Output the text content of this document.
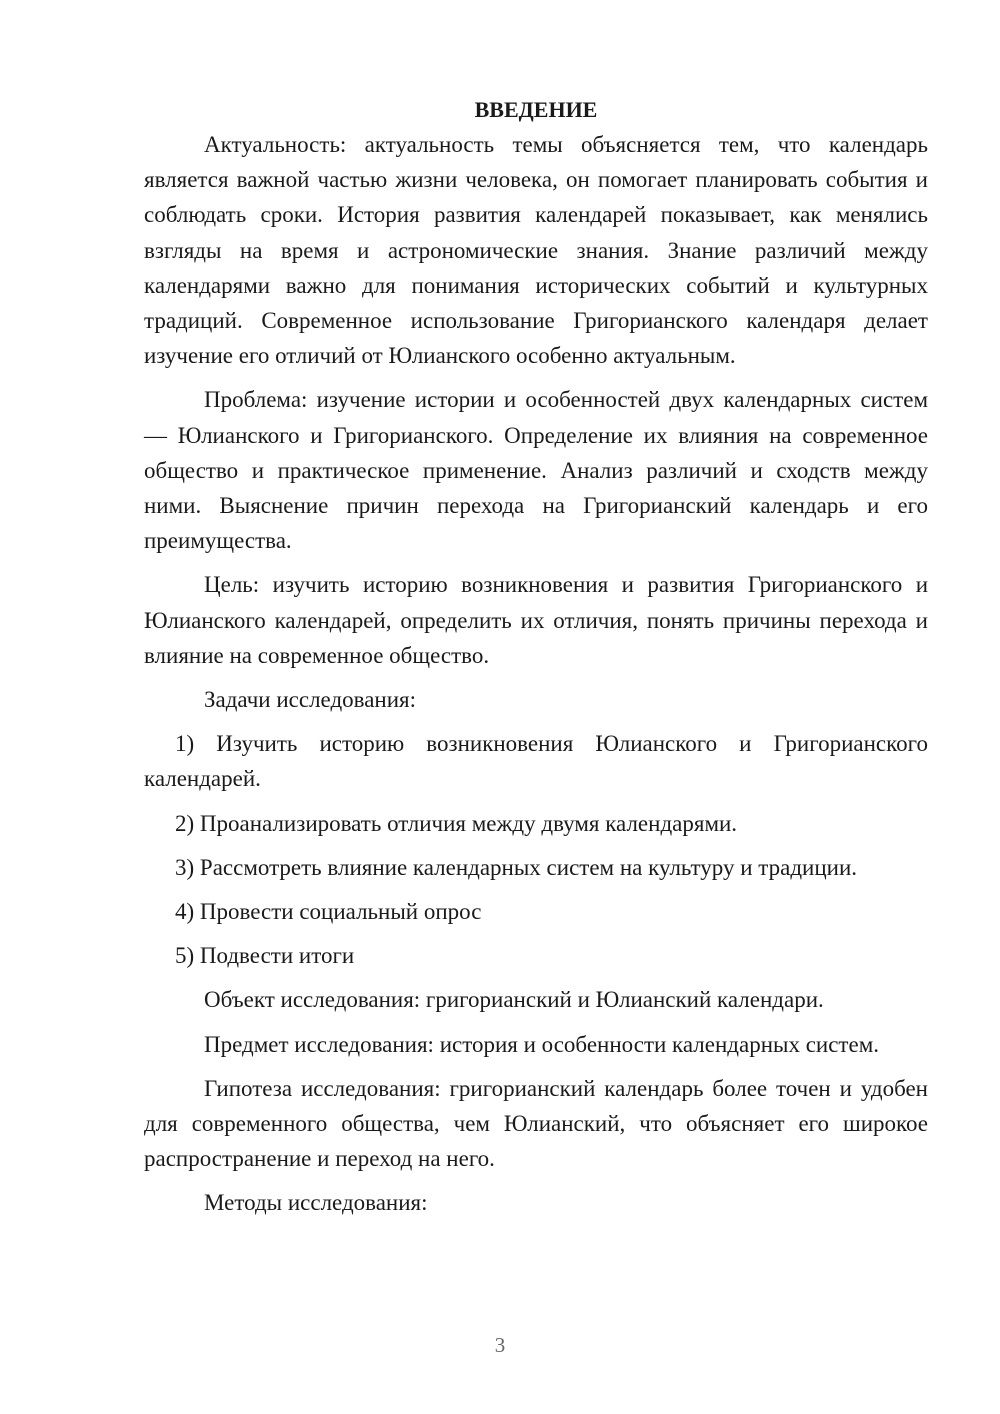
ВВЕДЕНИЕ

Актуальность: актуальность темы объясняется тем, что календарь является важной частью жизни человека, он помогает планировать события и соблюдать сроки. История развития календарей показывает, как менялись взгляды на время и астрономические знания. Знание различий между календарями важно для понимания исторических событий и культурных традиций. Современное использование Григорианского календаря делает изучение его отличий от Юлианского особенно актуальным.

Проблема: изучение истории и особенностей двух календарных систем — Юлианского и Григорианского. Определение их влияния на современное общество и практическое применение. Анализ различий и сходств между ними. Выяснение причин перехода на Григорианский календарь и его преимущества.

Цель: изучить историю возникновения и развития Григорианского и Юлианского календарей, определить их отличия, понять причины перехода и влияние на современное общество.

Задачи исследования:

1) Изучить историю возникновения Юлианского и Григорианского календарей.

2) Проанализировать отличия между двумя календарями.

3) Рассмотреть влияние календарных систем на культуру и традиции.

4) Провести социальный опрос

5) Подвести итоги

Объект исследования: григорианский и Юлианский календари.

Предмет исследования: история и особенности календарных систем.

Гипотеза исследования: григорианский календарь более точен и удобен для современного общества, чем Юлианский, что объясняет его широкое распространение и переход на него.

Методы исследования:

3
